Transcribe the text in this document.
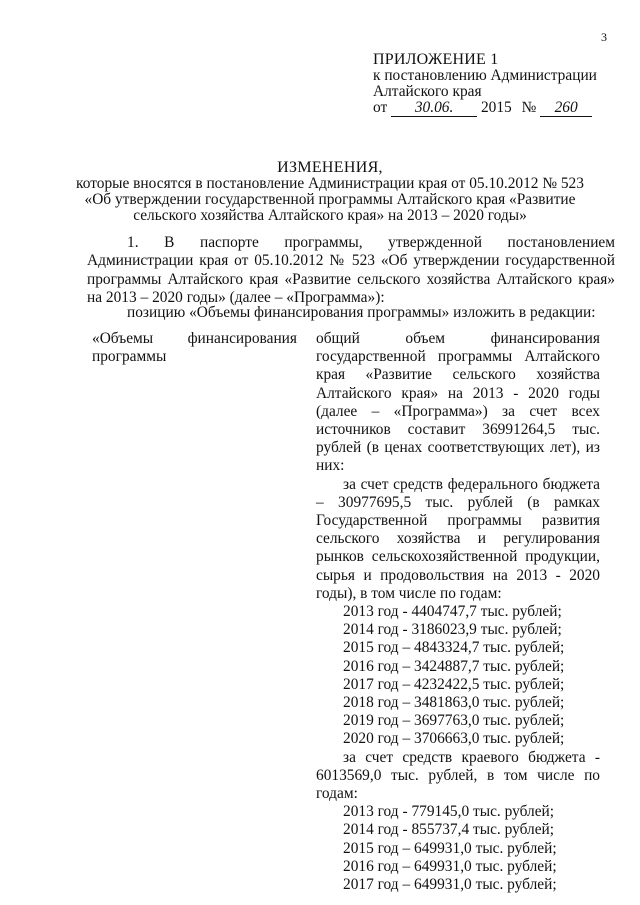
3
ПРИЛОЖЕНИЕ 1
к постановлению Администрации
Алтайского края
от 30.06. 2015 № 260
ИЗМЕНЕНИЯ,
которые вносятся в постановление Администрации края от 05.10.2012 № 523
«Об утверждении государственной программы Алтайского края «Развитие
сельского хозяйства Алтайского края» на 2013 – 2020 годы»
1. В паспорте программы, утвержденной постановлением Администрации края от 05.10.2012 № 523 «Об утверждении государственной программы Алтайского края «Развитие сельского хозяйства Алтайского края» на 2013 – 2020 годы» (далее – «Программа»):
позицию «Объемы финансирования программы» изложить в редакции:
«Объемы финансирования
программы
общий объем финансирования государственной программы Алтайского края «Развитие сельского хозяйства Алтайского края» на 2013 - 2020 годы (далее – «Программа») за счет всех источников составит 36991264,5 тыс. рублей (в ценах соответствующих лет), из них:
за счет средств федерального бюджета – 30977695,5 тыс. рублей (в рамках Государственной программы развития сельского хозяйства и регулирования рынков сельскохозяйственной продукции, сырья и продовольствия на 2013 - 2020 годы), в том числе по годам:
2013 год - 4404747,7 тыс. рублей;
2014 год - 3186023,9 тыс. рублей;
2015 год – 4843324,7 тыс. рублей;
2016 год – 3424887,7 тыс. рублей;
2017 год – 4232422,5 тыс. рублей;
2018 год – 3481863,0 тыс. рублей;
2019 год – 3697763,0 тыс. рублей;
2020 год – 3706663,0 тыс. рублей;
за счет средств краевого бюджета - 6013569,0 тыс. рублей, в том числе по годам:
2013 год - 779145,0 тыс. рублей;
2014 год - 855737,4 тыс. рублей;
2015 год – 649931,0 тыс. рублей;
2016 год – 649931,0 тыс. рублей;
2017 год – 649931,0 тыс. рублей;
